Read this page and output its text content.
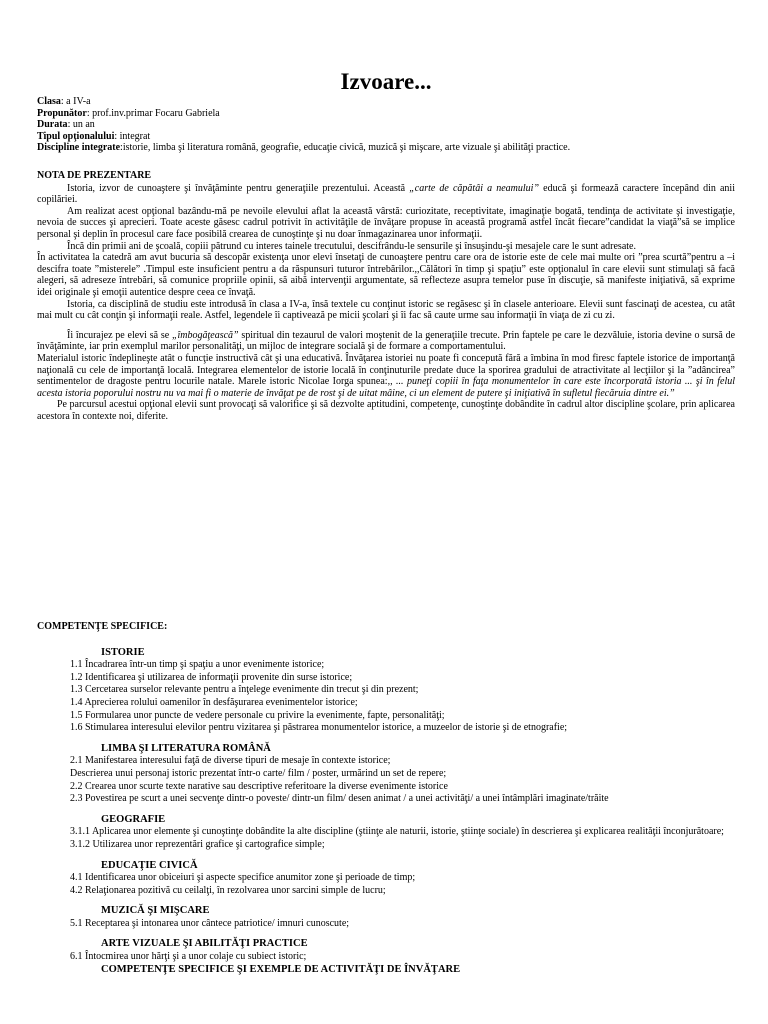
Izvoare...
Clasa: a IV-a
Propunător: prof.inv.primar Focaru Gabriela
Durata: un an
Tipul opţionalului: integrat
Discipline integrate:istorie, limba şi literatura română, geografie, educaţie civică, muzică şi mişcare, arte vizuale şi abilităţi practice.
NOTA DE PREZENTARE

Istoria, izvor de cunoaştere şi învăţăminte pentru generaţiile prezentului. Această „carte de căpătâi a neamului” educă şi formează caractere începând din anii copilăriei.

Am realizat acest opţional bazându-mă pe nevoile elevului aflat la această vârstă: curiozitate, receptivitate, imaginaţie bogată, tendinţa de activitate şi investigaţie, nevoia de succes şi aprecieri. Toate aceste găsesc cadrul potrivit în activităţile de învăţare propuse în această programă astfel încât fiecare”candidat la viaţă”să se implice personal şi deplin în procesul care face posibilă crearea de cunoştinţe şi nu doar înmagazinarea unor informaţii.

Încă din primii ani de şcoală, copiii pătrund cu interes tainele trecutului, descifrându-le sensurile şi însuşindu-şi mesajele care le sunt adresate.

În activitatea la catedră am avut bucuria să descopăr existenţa unor elevi însetaţi de cunoaştere pentru care ora de istorie este de cele mai multe ori ”prea scurtă”pentru a –i descifra toate ”misterele” .Timpul este insuficient pentru a da răspunsuri tuturor întrebărilor.,,Călători în timp şi spaţiu” este opţionalul în care elevii sunt stimulaţi să facă alegeri, să adreseze întrebări, să comunice propriile opinii, să aibă intervenţii argumentate, să reflecteze asupra temelor puse în discuţie, să manifeste iniţiativă, să exprime idei originale şi emoţii autentice despre ceea ce învaţă.

Istoria, ca disciplină de studiu este introdusă în clasa a IV-a, însă textele cu conţinut istoric se regăsesc şi în clasele anterioare. Elevii sunt fascinaţi de acestea, cu atât mai mult cu cât conţin şi informaţii reale. Astfel, legendele îi captivează pe micii şcolari şi îi fac să caute urme sau informaţii în viaţa de zi cu zi.

Îi încurajez pe elevi să se „îmbogăţească” spiritual din tezaurul de valori moştenit de la generaţiile trecute. Prin faptele pe care le dezvăluie, istoria devine o sursă de învăţăminte, iar prin exemplul marilor personalităţi, un mijloc de integrare socială şi de formare a comportamentului.

Materialul istoric îndeplineşte atât o funcţie instructivă cât şi una educativă. Învăţarea istoriei nu poate fi concepută fără a îmbina în mod firesc faptele istorice de importanţă naţională cu cele de importanţă locală. Integrarea elementelor de istorie locală în conţinuturile predate duce la sporirea gradului de atractivitate al lecţiilor şi la ”adâncirea” sentimentelor de dragoste pentru locurile natale. Marele istoric Nicolae Iorga spunea:,, ... puneţi copiii în faţa monumentelor în care este încorporată istoria ... şi în felul acesta istoria poporului nostru nu va mai fi o materie de învăţat pe de rost şi de uitat mâine, ci un element de putere şi iniţiativă în sufletul fiecăruia dintre ei.”

Pe parcursul acestui opţional elevii sunt provocaţi să valorifice şi să dezvolte aptitudini, competenţe, cunoştinţe dobândite în cadrul altor discipline şcolare, prin aplicarea acestora în contexte noi, diferite.

COMPETENŢE SPECIFICE:
ISTORIE
1.1 Încadrarea într-un timp şi spaţiu a unor evenimente istorice;
1.2 Identificarea şi utilizarea de informaţii provenite din surse istorice;
1.3 Cercetarea surselor relevante pentru a înţelege evenimente din trecut şi din prezent;
1.4 Aprecierea rolului oamenilor în desfăşurarea evenimentelor istorice;
1.5 Formularea unor puncte de vedere personale cu privire la evenimente, fapte, personalităţi;
1.6 Stimularea interesului elevilor pentru vizitarea şi păstrarea monumentelor istorice, a muzeelor de istorie şi de etnografie;
LIMBA ŞI LITERATURA ROMÂNĂ
2.1 Manifestarea interesului faţă de diverse tipuri de mesaje în contexte istorice;
Descrierea unui personaj istoric prezentat într-o carte/ film / poster, urmărind un set de repere;
2.2 Crearea unor scurte texte narative sau descriptive referitoare la diverse evenimente istorice
2.3 Povestirea pe scurt a unei secvenţe dintr-o poveste/ dintr-un film/ desen animat / a unei activităţi/ a unei întâmplări imaginate/trăite
GEOGRAFIE
3.1.1 Aplicarea unor elemente şi cunoştinţe dobândite la alte discipline (ştiinţe ale naturii, istorie, ştiinţe sociale) în descrierea şi explicarea realităţii înconjurătoare;
3.1.2 Utilizarea unor reprezentări grafice şi cartografice simple;
EDUCAŢIE CIVICĂ
4.1 Identificarea unor obiceiuri şi aspecte specifice anumitor zone şi perioade de timp;
4.2 Relaţionarea pozitivă cu ceilalţi, în rezolvarea unor sarcini simple de lucru;
MUZICĂ ŞI MIŞCARE
5.1 Receptarea şi intonarea unor cântece patriotice/ imnuri cunoscute;
ARTE VIZUALE ŞI ABILITĂŢI PRACTICE
6.1 Întocmirea unor hărţi şi a unor colaje cu subiect istoric;
COMPETENŢE SPECIFICE ŞI EXEMPLE DE ACTIVITĂŢI DE ÎNVĂŢARE
